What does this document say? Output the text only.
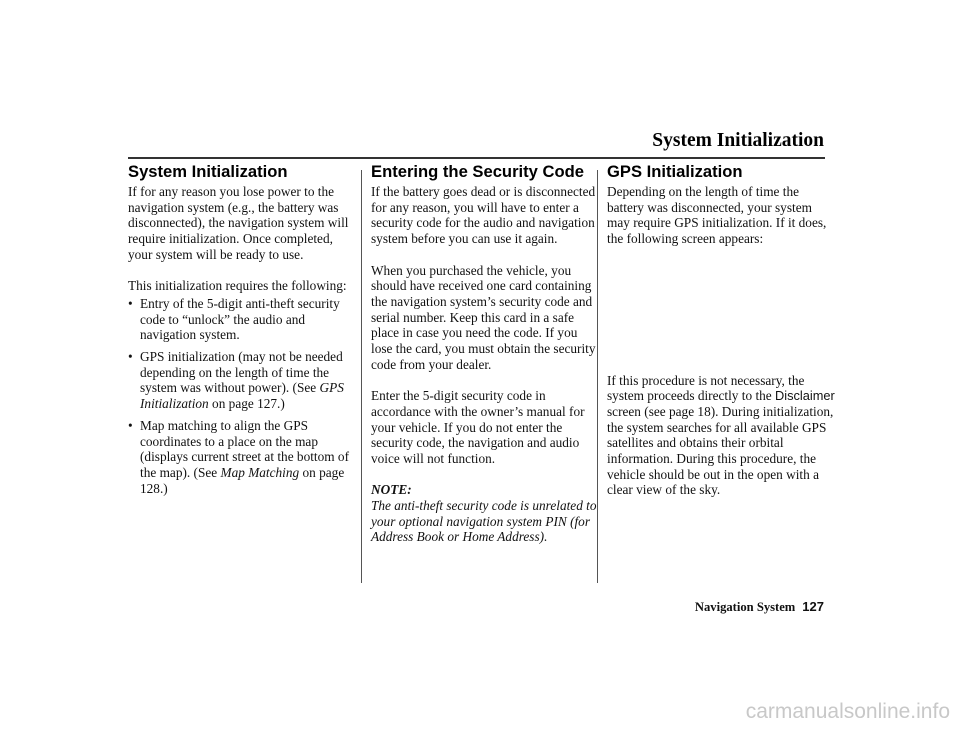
System Initialization
System Initialization

If for any reason you lose power to the navigation system (e.g., the battery was disconnected), the navigation system will require initialization. Once completed, your system will be ready to use.

This initialization requires the following:

• Entry of the 5-digit anti-theft security code to “unlock” the audio and navigation system.
• GPS initialization (may not be needed depending on the length of time the system was without power). (See GPS Initialization on page 127.)
• Map matching to align the GPS coordinates to a place on the map (displays current street at the bottom of the map). (See Map Matching on page 128.)
Entering the Security Code

If the battery goes dead or is disconnected for any reason, you will have to enter a security code for the audio and navigation system before you can use it again.

When you purchased the vehicle, you should have received one card containing the navigation system’s security code and serial number. Keep this card in a safe place in case you need the code. If you lose the card, you must obtain the security code from your dealer.

Enter the 5-digit security code in accordance with the owner’s manual for your vehicle. If you do not enter the security code, the navigation and audio voice will not function.

NOTE:
The anti-theft security code is unrelated to your optional navigation system PIN (for Address Book or Home Address).
GPS Initialization

Depending on the length of time the battery was disconnected, your system may require GPS initialization. If it does, the following screen appears:

If this procedure is not necessary, the system proceeds directly to the Disclaimer screen (see page 18). During initialization, the system searches for all available GPS satellites and obtains their orbital information. During this procedure, the vehicle should be out in the open with a clear view of the sky.

Navigation System 127
carmanualsonline.info
